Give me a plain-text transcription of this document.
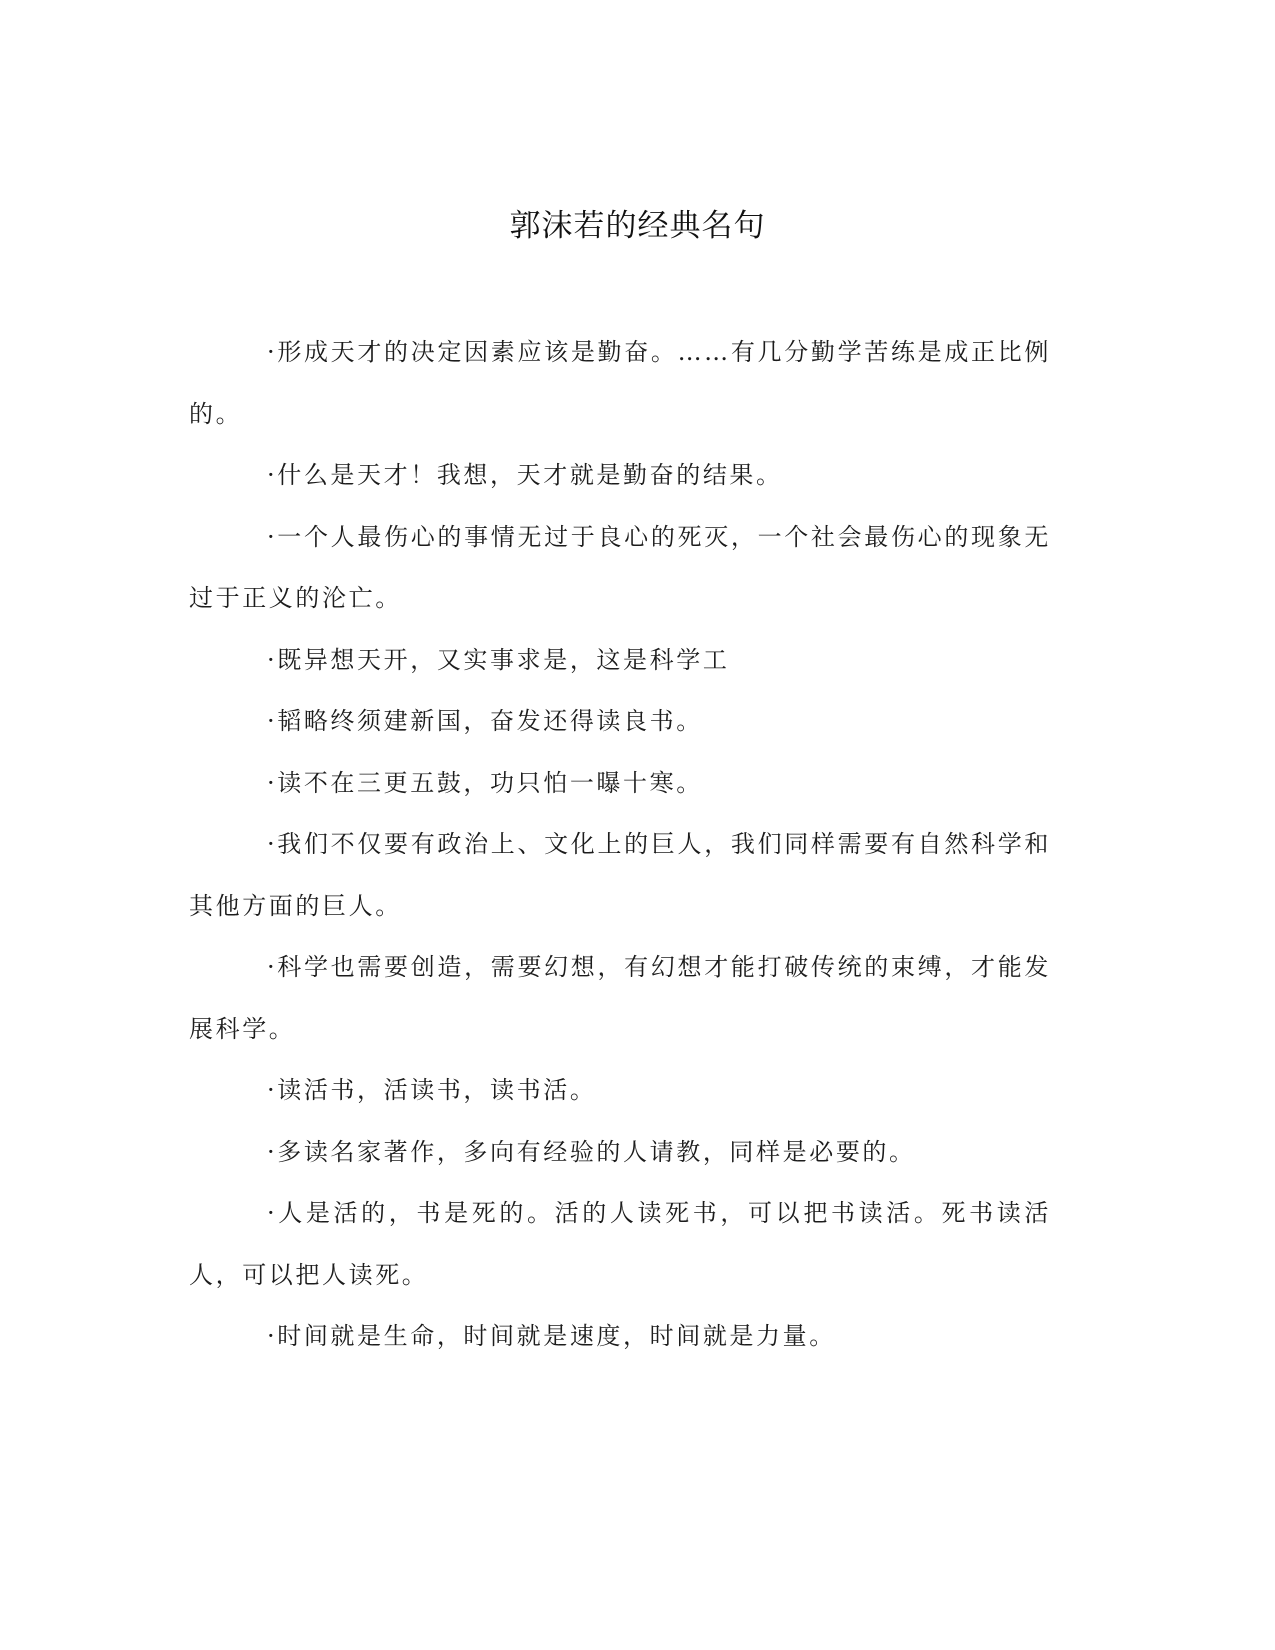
郭沫若的经典名句

·形成天才的决定因素应该是勤奋。……有几分勤学苦练是成正比例的。

·什么是天才！我想，天才就是勤奋的结果。

·一个人最伤心的事情无过于良心的死灭，一个社会最伤心的现象无过于正义的沦亡。

·既异想天开，又实事求是，这是科学工

·韬略终须建新国，奋发还得读良书。

·读不在三更五鼓，功只怕一曝十寒。

·我们不仅要有政治上、文化上的巨人，我们同样需要有自然科学和其他方面的巨人。

·科学也需要创造，需要幻想，有幻想才能打破传统的束缚，才能发展科学。

·读活书，活读书，读书活。

·多读名家著作，多向有经验的人请教，同样是必要的。

·人是活的，书是死的。活的人读死书，可以把书读活。死书读活人，可以把人读死。

·时间就是生命，时间就是速度，时间就是力量。
